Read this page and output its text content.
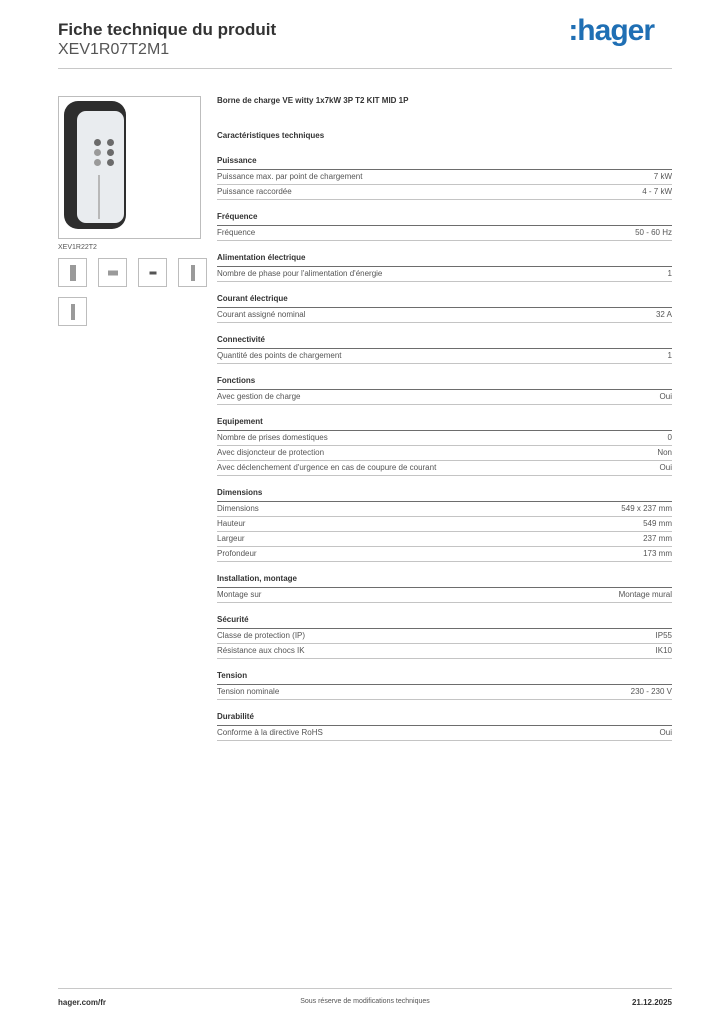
Fiche technique du produit
XEV1R07T2M1
:hager
XEV1R22T2
Borne de charge VE witty 1x7kW 3P T2 KIT MID 1P
Caractéristiques techniques
Puissance
Puissance max. par point de chargement	7 kW
Puissance raccordée	4 - 7 kW
Fréquence
Fréquence	50 - 60 Hz
Alimentation électrique
Nombre de phase pour l'alimentation d'énergie	1
Courant électrique
Courant assigné nominal	32 A
Connectivité
Quantité des points de chargement	1
Fonctions
Avec gestion de charge	Oui
Equipement
Nombre de prises domestiques	0
Avec disjoncteur de protection	Non
Avec déclenchement d'urgence en cas de coupure de courant	Oui
Dimensions
Dimensions	549 x 237 mm
Hauteur	549 mm
Largeur	237 mm
Profondeur	173 mm
Installation, montage
Montage sur	Montage mural
Sécurité
Classe de protection (IP)	IP55
Résistance aux chocs IK	IK10
Tension
Tension nominale	230 - 230 V
Durabilité
Conforme à la directive RoHS	Oui
hager.com/fr	Sous réserve de modifications techniques	21.12.2025
